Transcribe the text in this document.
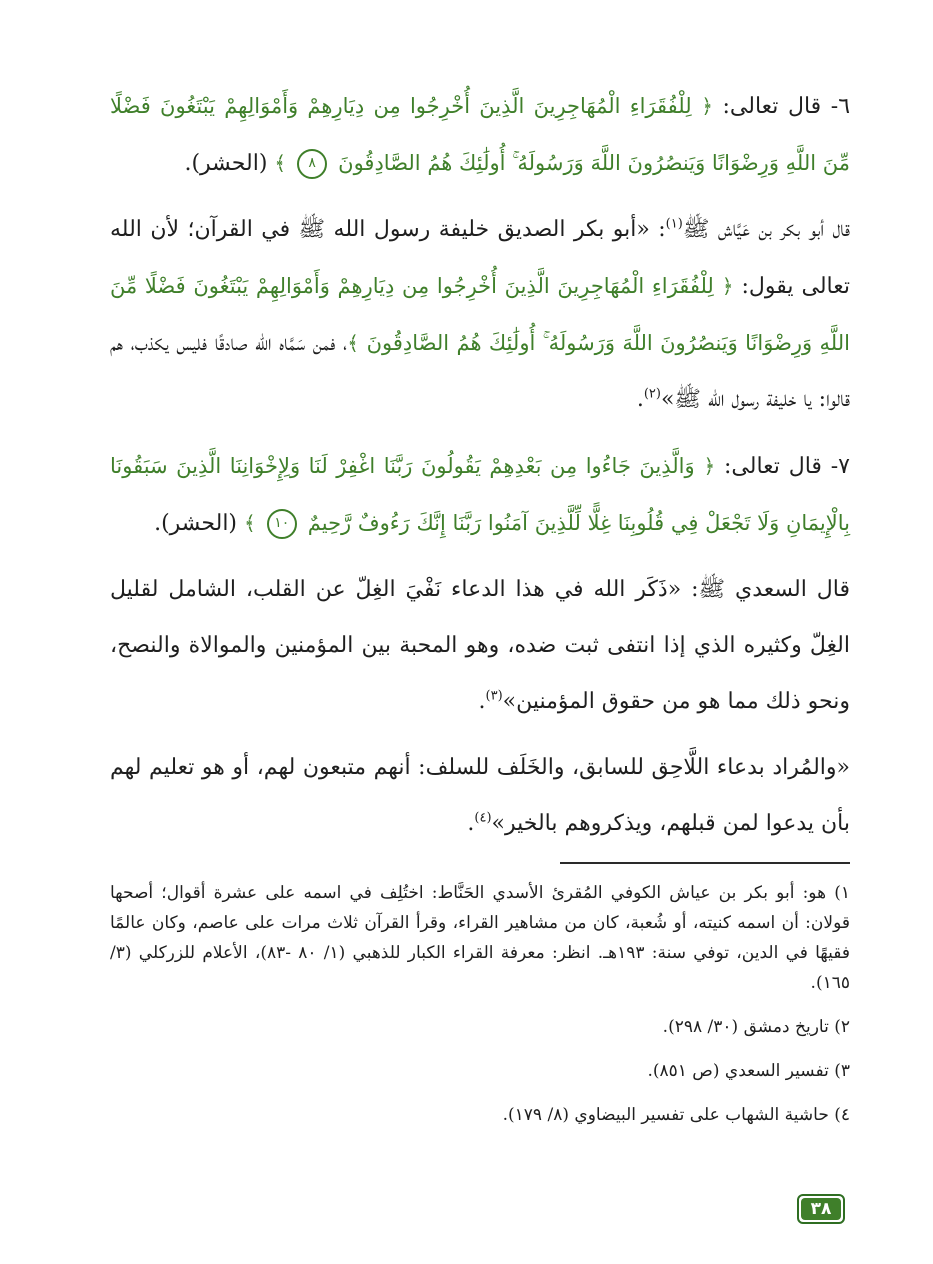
٦- قال تعالى: ﴿ لِلْفُقَرَاءِ الْمُهَاجِرِينَ الَّذِينَ أُخْرِجُوا مِن دِيَارِهِمْ وَأَمْوَالِهِمْ يَبْتَغُونَ فَضْلًا مِّنَ اللَّهِ وَرِضْوَانًا وَيَنصُرُونَ اللَّهَ وَرَسُولَهُ ۚ أُولَٰئِكَ هُمُ الصَّادِقُونَ ٨ ﴾ (الحشر).

قال أبو بكر بن عَيَّاش ﷺ$^{(١)}$: «أبو بكر الصديق خليفة رسول الله ﷺ في القرآن؛ لأن الله تعالى يقول: ﴿ لِلْفُقَرَاءِ الْمُهَاجِرِينَ الَّذِينَ أُخْرِجُوا مِن دِيَارِهِمْ وَأَمْوَالِهِمْ يَبْتَغُونَ فَضْلًا مِّنَ اللَّهِ وَرِضْوَانًا وَيَنصُرُونَ اللَّهَ وَرَسُولَهُ ۚ أُولَٰئِكَ هُمُ الصَّادِقُونَ ﴾، فمن سَمَّاه الله صادقًا فليس يكذب، هم قالوا: يا خليفة رسول الله ﷺ»$^{(٢)}$.

٧- قال تعالى: ﴿ وَالَّذِينَ جَاءُوا مِن بَعْدِهِمْ يَقُولُونَ رَبَّنَا اغْفِرْ لَنَا وَلِإِخْوَانِنَا الَّذِينَ سَبَقُونَا بِالْإِيمَانِ وَلَا تَجْعَلْ فِي قُلُوبِنَا غِلًّا لِّلَّذِينَ آمَنُوا رَبَّنَا إِنَّكَ رَءُوفٌ رَّحِيمٌ ١٠ ﴾ (الحشر).

قال السعدي ﷺ: «ذَكَر الله في هذا الدعاء نَفْيَ الغِلّ عن القلب، الشامل لقليل الغِلّ وكثيره الذي إذا انتفى ثبت ضده، وهو المحبة بين المؤمنين والموالاة والنصح، ونحو ذلك مما هو من حقوق المؤمنين»$^{(٣)}$.

«والمُراد بدعاء اللَّاحِق للسابق، والخَلَف للسلف: أنهم متبعون لهم، أو هو تعليم لهم بأن يدعوا لمن قبلهم، ويذكروهم بالخير»$^{(٤)}$.

١) هو: أبو بكر بن عياش الكوفي المُقرئ الأسدي الحَنَّاط: اختُلِف في اسمه على عشرة أقوال؛ أصحها قولان: أن اسمه كنيته، أو شُعبة، كان من مشاهير القراء، وقرأ القرآن ثلاث مرات على عاصم، وكان عالمًا فقيهًا في الدين، توفي سنة: ١٩٣هـ. انظر: معرفة القراء الكبار للذهبي (١/ ٨٠ -٨٣)، الأعلام للزركلي (٣/ ١٦٥).

٢) تاريخ دمشق (٣٠/ ٢٩٨).

٣) تفسير السعدي (ص ٨٥١).

٤) حاشية الشهاب على تفسير البيضاوي (٨/ ١٧٩).

٣٨
